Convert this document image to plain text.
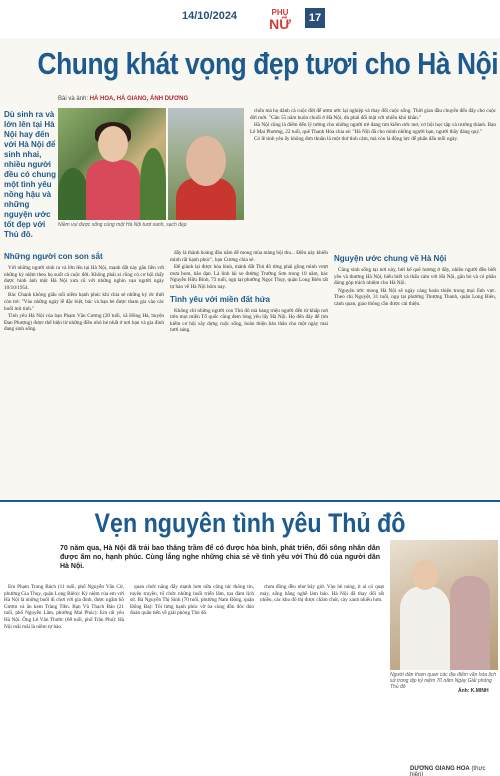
14/10/2024	PHỤ
NỮ	17
Chung khát vọng đẹp tươi cho Hà Nội
Bài và ảnh: HÀ HOA, HÀ GIANG, ÁNH DƯƠNG
Dù sinh ra và lớn lên tại Hà Nội hay đến với Hà Nội để sinh nhai, nhiều người đều có chung một tình yêu nồng hậu và những nguyện ước tốt đẹp với Thủ đô.
Niềm vui được sống cùng một Hà Nội tươi xanh, sạch đẹp
Những người con son sắt

Với những người sinh ra và lớn lên tại Hà Nội, mạnh đất này gắn liền với những ký niệm theo họ suốt cả cuộc đời. Không phải ai cũng có cơ hội thấy được hình ảnh một Hà Nội xưa cũ với những nghìn vạn người ngày 10/10/1954.

Bác Chanh không giấu nổi niềm hạnh phúc khi chia sẻ những ký ức thời còn trẻ: "Vào những ngày lễ đặc biệt, bác và bạn bè được tham gia vào các buổi mít tinh."

Tình yêu Hà Nội của bạn Phạm Văn Cương (20 tuổi, xã Hồng Hà, huyện Đan Phượng) được thể hiện từ những điều nhỏ bé nhất ở nơi bạn và gia đình đang sinh sống.

đây là thành hoàng đầu năm để mong mùa màng bội thu... Điều này khiến mình rất hạnh phúc", bạn Cương chia sẻ.

Để giành lại được hòa bình, mảnh đất Thủ đô từng phải gồng mình vượt mưa bom, bão đạn. Là lính lái xe đường Trường Sơn trong 10 năm, bác Nguyễn Hữu Bình, 73 tuổi, ngụ tại phường Ngọc Thụy, quận Long Biên rất tự hào về Hà Nội hôm nay.

Tình yêu với miền đất hứa

Không chỉ những người con Thủ đô mà hàng triệu người đến từ khắp nơi trên mọi miền Tổ quốc cũng đem lòng yêu lấy Hà Nội. Họ đến đây để tìm kiếm cơ hội xây dựng cuộc sống, hoàn thiện bản thân cho một ngày mai tươi sáng.

chốn mà họ dành cả cuộc đời để ươm ước lại nghiệp và thay đổi cuộc sống. Thời gian đầu chuyển đến đây cho cuộc đời mới. "Gần 55 năm buôn chuối ở Hà Nội, dù phải đối mặt với nhiều khó khăn."

Hà Nội cũng là điểm đến lý tưởng cho những người trẻ đang tìm kiếm ước mơ, cơ hội học tập và trưởng thành. Bạn Lê Mai Phương, 22 tuổi, quê Thanh Hóa chia sẻ: "Hà Nội đã cho mình những người bạn, người thầy đáng quý."

Có lẽ tình yêu ấy không đơn thuần là một thứ tình cảm, mà còn là động lực để phấn đấu mỗi ngày.

Nguyện ước chung về Hà Nội

Cũng sinh sống tại nơi này, bởi kế quê hương ở đây, nhiều người đều biết yêu và thương Hà Nội, hiểu biết và thấu cảm với Hà Nội, gắn bó và có phần đóng góp trách nhiệm cho Hà Nội.

Nguyện ước mong Hà Nội sẽ ngày càng hoàn thiện trong mọi lĩnh vực. Theo chị Nguyệt, 31 tuổi, ngụ tại phường Thượng Thanh, quận Long Biên, cảnh quan, giao thông cần được cải thiện.

Vẹn nguyên tình yêu Thủ đô
70 năm qua, Hà Nội đã trải bao thăng trầm để có được hòa bình, phát triển, đổi sông nhân dân được ấm no, hạnh phúc. Cùng lắng nghe những chia sẻ về tình yêu với Thủ đô của người dân Hà Nội.

Em Phạm Trung Bách (11 tuổi, phố Nguyễn Văn Cừ, phường Gia Thụy, quận Long Biên): Ký niệm của em với Hà Nội là những buổi đi chơi với gia đình, được ngắm hồ Gươm và ăn kem Tràng Tiền. Bạn Vũ Thạch Bảo (21 tuổi, phố Nguyễn Lâm, phường Mai Phúc): Em rất yêu Hà Nội. Ông Lê Văn Thước (68 tuổi, phố Trần Phú): Hà Nội mãi mãi là niềm tự hào.

quan chức năng đẩy mạnh hơn nữa công tác thông tin, tuyên truyền, tổ chức những buổi triển lãm, tọa đàm lịch sử. Bà Nguyễn Thị Sinh (70 tuổi, phường Nam Đồng, quận Đống Đa): Tôi từng hạnh phúc vỡ òa cùng đồn đóc đón đoàn quân tiến về giải phóng Thủ đô.

chưa đồng đều như bây giờ. Vào hè nóng, ít ai có quạt máy, sống bằng nghề làm báo. Hà Nội đã thay đổi rất nhiều, các khu đô thị được chăm chút, cây xanh nhiều hơn.

Người dân tham quan các địa điểm văn hóa lịch sử trong dịp kỷ niệm 70 năm Ngày Giải phóng Thủ đô
Ảnh: K.MINH
DƯƠNG GIANG HOA (thực hiện)
